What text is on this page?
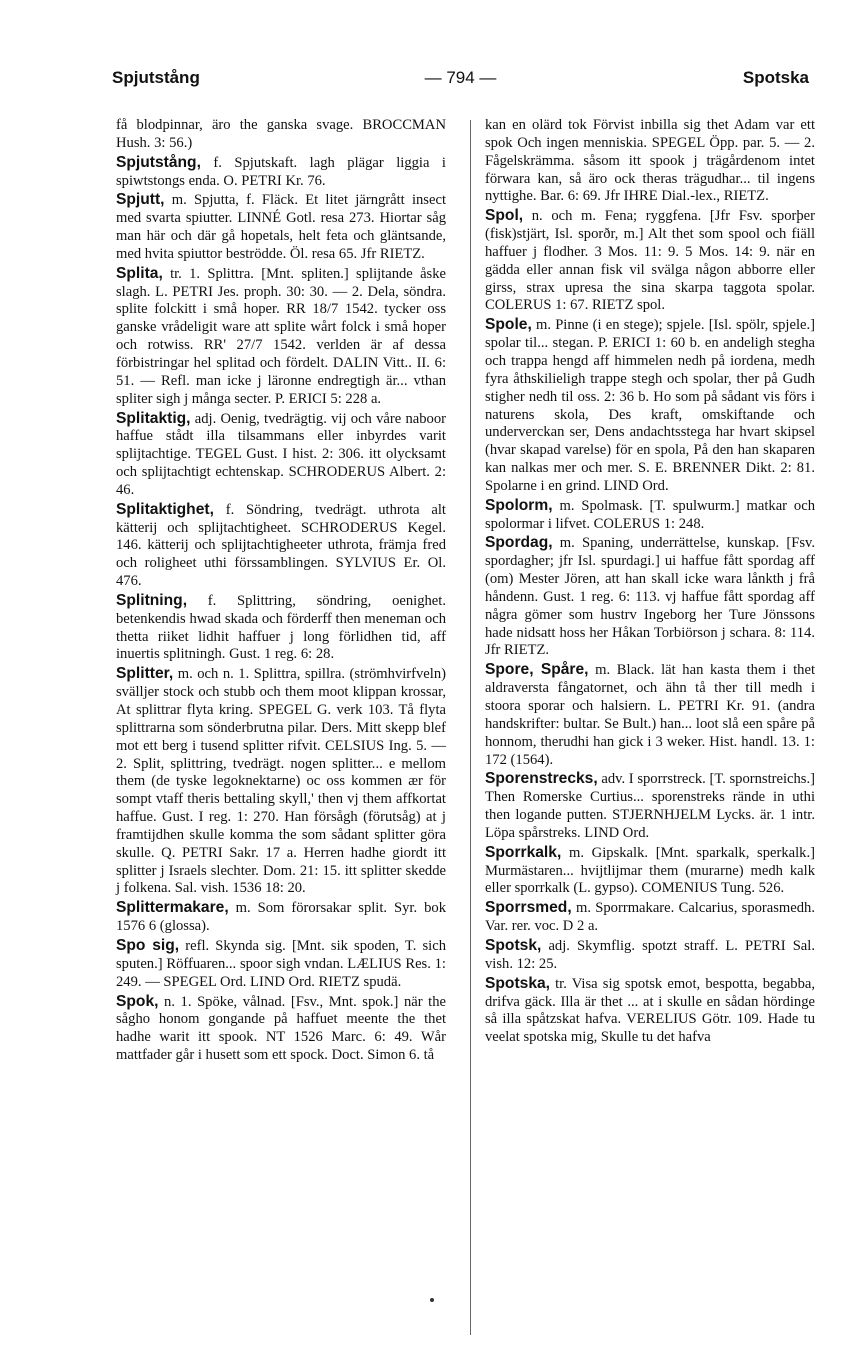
Spjutstång	— 794 —	Spotska

få blodpinnar, äro the ganska svage. BROCCMAN Hush. 3: 56.)

Spjutstång, f. Spjutskaft. lagh plägar liggia i spiwtstongs enda. O. PETRI Kr. 76.

Spjutt, m. Spjutta, f. Fläck. Et litet järngrått insect med svarta spiutter. LINNÉ Gotl. resa 273. Hiortar såg man här och där gå hopetals, helt feta och gläntsande, med hvita spiuttor beströdde. Öl. resa 65. Jfr RIETZ.

Splita, tr. 1. Splittra. [Mnt. spliten.] splijtande åske slagh. L. PETRI Jes. proph. 30: 30. — 2. Dela, söndra. splite folckitt i små hoper. RR 18/7 1542. tycker oss ganske vrådeligit ware att splite wårt folck i små hoper och rotwiss. RR' 27/7 1542. verlden är af dessa förbistringar hel splitad och fördelt. DALIN Vitt.. II. 6: 51. — Refl. man icke j läronne endregtigh är... vthan spliter sigh j många secter. P. ERICI 5: 228 a.

Splitaktig, adj. Oenig, tvedrägtig. vij och våre naboor haffue stådt illa tilsammans eller inbyrdes varit splijtachtige. TEGEL Gust. I hist. 2: 306. itt olycksamt och splijtachtigt echtenskap. SCHRODERUS Albert. 2: 46.

Splitaktighet, f. Söndring, tvedrägt. uthrota alt kätterij och splijtachtigheet. SCHRODERUS Kegel. 146. kätterij och splijtachtigheeter uthrota, främja fred och roligheet uthi förssamblingen. SYLVIUS Er. Ol. 476.

Splitning, f. Splittring, söndring, oenighet. betenkendis hwad skada och förderff then meneman och thetta riiket lidhit haffuer j long förlidhen tid, aff inuertis splitningh. Gust. 1 reg. 6: 28.

Splitter, m. och n. 1. Splittra, spillra. (strömhvirfveln) svälljer stock och stubb och them moot klippan krossar, At splittrar flyta kring. SPEGEL G. verk 103. Tå flyta splittrarna som sönderbrutna pilar. Ders. Mitt skepp blef mot ett berg i tusend splitter rifvit. CELSIUS Ing. 5. — 2. Split, splittring, tvedrägt. nogen splitter... e mellom them (de tyske legoknektarne) oc oss kommen ær för sompt vtaff theris bettaling skyll,' then vj them affkortat haffue. Gust. I reg. 1: 270. Han försågh (förutsåg) at j framtijdhen skulle komma the som sådant splitter göra skulle. Q. PETRI Sakr. 17 a. Herren hadhe giordt itt splitter j Israels slechter. Dom. 21: 15. itt splitter skedde j folkena. Sal. vish. 1536 18: 20.

Splittermakare, m. Som förorsakar split. Syr. bok 1576 6 (glossa).

Spo sig, refl. Skynda sig. [Mnt. sik spoden, T. sich sputen.] Röffuaren... spoor sigh vndan. LÆLIUS Res. 1: 249. — SPEGEL Ord. LIND Ord. RIETZ spudä.

Spok, n. 1. Spöke, vålnad. [Fsv., Mnt. spok.] när the sågho honom gongande på haffuet meente the thet hadhe warit itt spook. NT 1526 Marc. 6: 49. Wår mattfader går i husett som ett spock. Doct. Simon 6. tå

kan en olärd tok Förvist inbilla sig thet Adam var ett spok Och ingen menniskia. SPEGEL Öpp. par. 5. — 2. Fågelskrämma. såsom itt spook j trägårdenom intet förwara kan, så äro ock theras trägudhar... til ingens nyttighe. Bar. 6: 69. Jfr IHRE Dial.-lex., RIETZ.

Spol, n. och m. Fena; ryggfena. [Jfr Fsv. sporþer (fisk)stjärt, Isl. sporðr, m.] Alt thet som spool och fiäll haffuer j flodher. 3 Mos. 11: 9. 5 Mos. 14: 9. när en gädda eller annan fisk vil svälga någon abborre eller girss, strax upresa the sina skarpa taggota spolar. COLERUS 1: 67. RIETZ spol.

Spole, m. Pinne (i en stege); spjele. [Isl. spölr, spjele.] spolar til... stegan. P. ERICI 1: 60 b. en andeligh stegha och trappa hengd aff himmelen nedh på iordena, medh fyra åthskilieligh trappe stegh och spolar, ther på Gudh stigher nedh til oss. 2: 36 b. Ho som på sådant vis förs i naturens skola, Des kraft, omskiftande och underverckan ser, Dens andachtsstega har hvart skipsel (hvar skapad varelse) för en spola, På den han skaparen kan nalkas mer och mer. S. E. BRENNER Dikt. 2: 81. Spolarne i en grind. LIND Ord.

Spolorm, m. Spolmask. [T. spulwurm.] matkar och spolormar i lifvet. COLERUS 1: 248.

Spordag, m. Spaning, underrättelse, kunskap. [Fsv. spordagher; jfr Isl. spurdagi.] ui haffue fått spordag aff (om) Mester Jören, att han skall icke wara lånkth j frå håndenn. Gust. 1 reg. 6: 113. vj haffue fått spordag aff några gömer som hustrv Ingeborg her Ture Jönssons hade nidsatt hoss her Håkan Torbiörson j schara. 8: 114. Jfr RIETZ.

Spore, Spåre, m. Black. lät han kasta them i thet aldraversta fångatornet, och ähn tå ther till medh i stoora sporar och halsiern. L. PETRI Kr. 91. (andra handskrifter: bultar. Se Bult.) han... loot slå een spåre på honnom, therudhi han gick i 3 weker. Hist. handl. 13. 1: 172 (1564).

Sporenstrecks, adv. I sporrstreck. [T. spornstreichs.] Then Romerske Curtius... sporenstreks rände in uthi then logande putten. STJERNHJELM Lycks. är. 1 intr. Löpa spårstreks. LIND Ord.

Sporrkalk, m. Gipskalk. [Mnt. sparkalk, sperkalk.] Murmästaren... hvijtlijmar them (murarne) medh kalk eller sporrkalk (L. gypso). COMENIUS Tung. 526.

Sporrsmed, m. Sporrmakare. Calcarius, sporasmedh. Var. rer. voc. D 2 a.

Spotsk, adj. Skymflig. spotzt straff. L. PETRI Sal. vish. 12: 25.

Spotska, tr. Visa sig spotsk emot, bespotta, begabba, drifva gäck. Illa är thet ... at i skulle en sådan hördinge så illa spåtzskat hafva. VERELIUS Götr. 109. Hade tu veelat spotska mig, Skulle tu det hafva
